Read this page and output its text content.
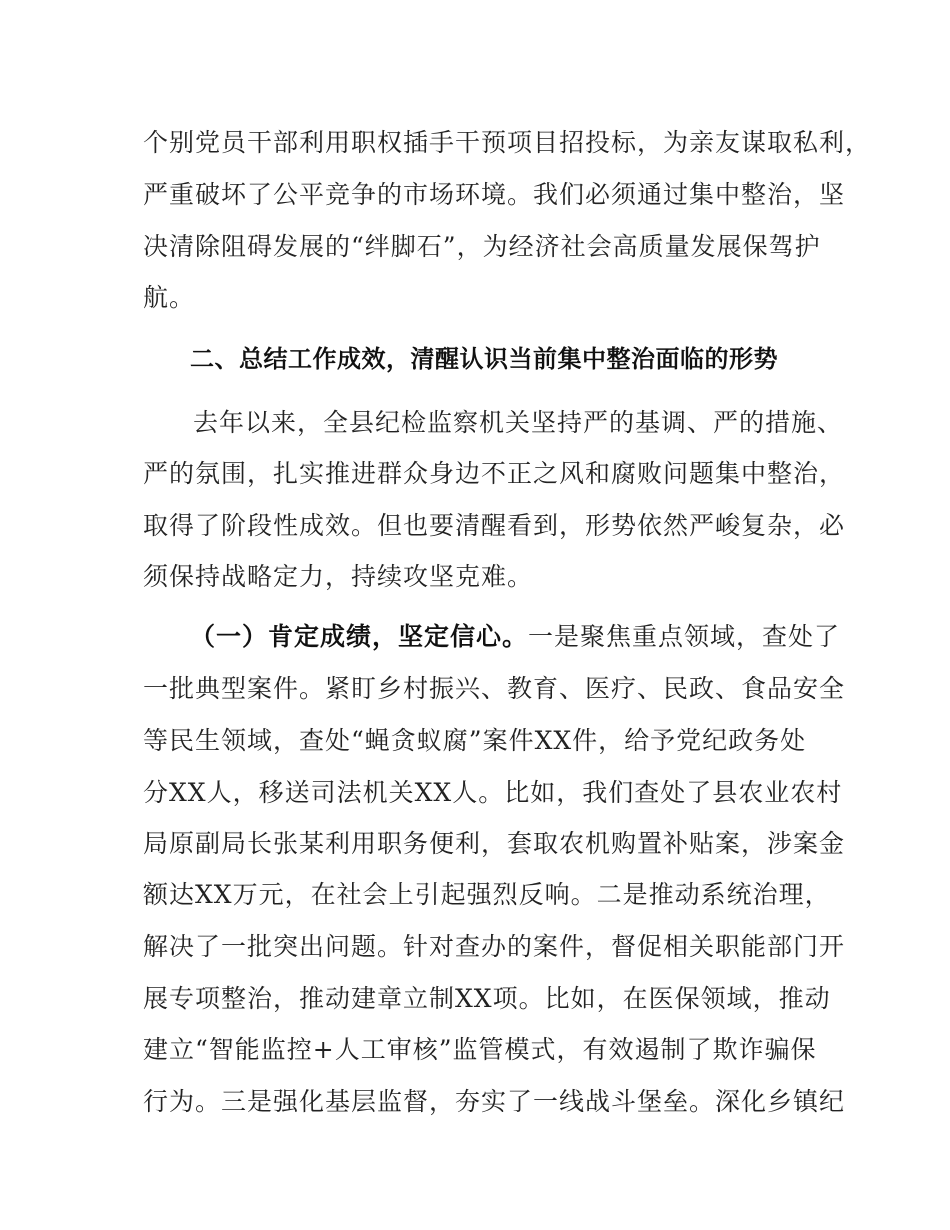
个别党员干部利用职权插手干预项目招投标，为亲友谋取私利，
严重破坏了公平竞争的市场环境。我们必须通过集中整治，坚
决清除阻碍发展的“绊脚石”，为经济社会高质量发展保驾护
航。
二、总结工作成效，清醒认识当前集中整治面临的形势
去年以来，全县纪检监察机关坚持严的基调、严的措施、
严的氛围，扎实推进群众身边不正之风和腐败问题集中整治，
取得了阶段性成效。但也要清醒看到，形势依然严峻复杂，必
须保持战略定力，持续攻坚克难。
（一）肯定成绩，坚定信心。一是聚焦重点领域，查处了
一批典型案件。紧盯乡村振兴、教育、医疗、民政、食品安全
等民生领域，查处“蝇贪蚁腐”案件XX件，给予党纪政务处
分XX人，移送司法机关XX人。比如，我们查处了县农业农村
局原副局长张某利用职务便利，套取农机购置补贴案，涉案金
额达XX万元，在社会上引起强烈反响。二是推动系统治理，
解决了一批突出问题。针对查办的案件，督促相关职能部门开
展专项整治，推动建章立制XX项。比如，在医保领域，推动
建立“智能监控+人工审核”监管模式，有效遏制了欺诈骗保
行为。三是强化基层监督，夯实了一线战斗堡垒。深化乡镇纪
